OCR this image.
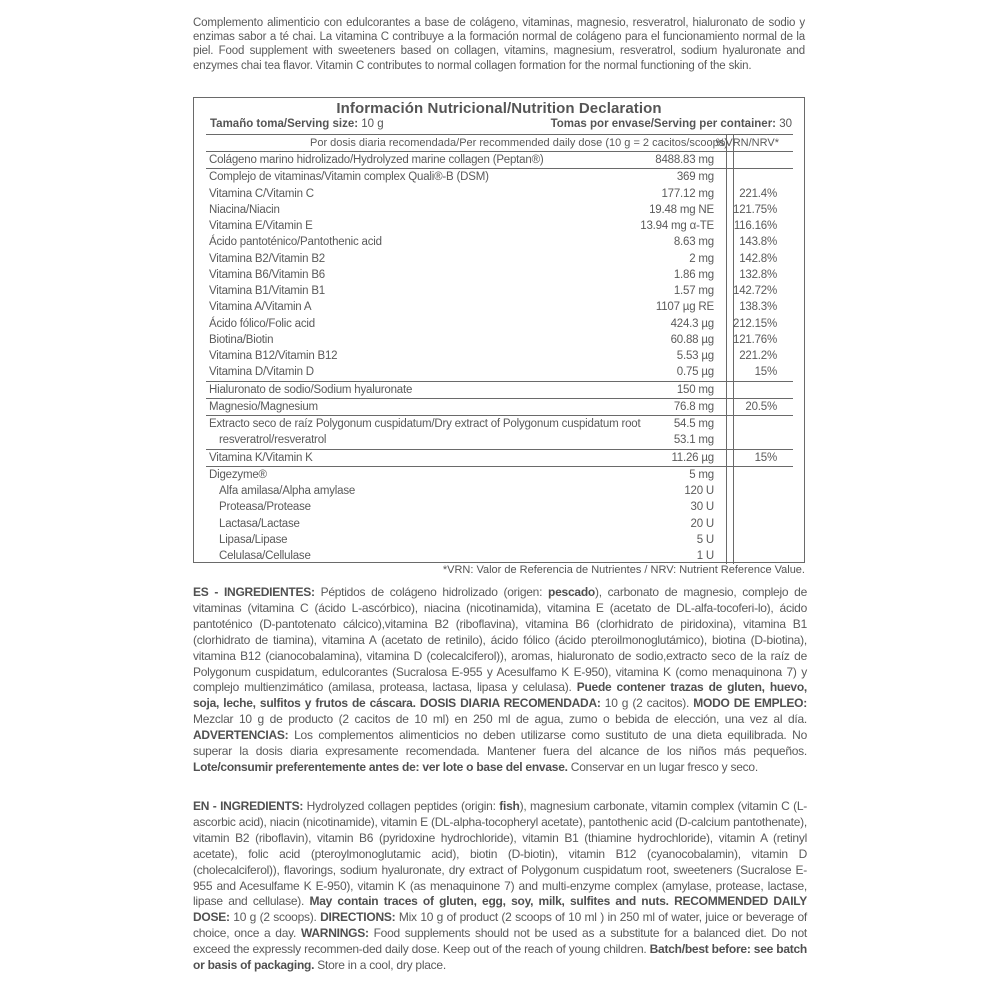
Complemento alimenticio con edulcorantes a base de colágeno, vitaminas, magnesio, resveratrol, hialuronato de sodio y enzimas sabor a té chai. La vitamina C contribuye a la formación normal de colágeno para el funcionamiento normal de la piel. Food supplement with sweeteners based on collagen, vitamins, magnesium, resveratrol, sodium hyaluronate and enzymes chai tea flavor. Vitamin C contributes to normal collagen formation for the normal functioning of the skin.
Información Nutricional/Nutrition Declaration
Tamaño toma/Serving size: 10 g	Tomas por envase/Serving per container: 30
Por dosis diaria recomendada/Per recommended daily dose (10 g = 2 cacitos/scoops)
%VRN/NRV*
Colágeno marino hidrolizado/Hydrolyzed marine collagen (Peptan®)	8488.83 mg
Complejo de vitaminas/Vitamin complex Quali®-B (DSM)	369 mg
Vitamina C/Vitamin C	177.12 mg 221.4%
Niacina/Niacin	19.48 mg NE 121.75%
Vitamina E/Vitamin E	13.94 mg α-TE 116.16%
Ácido pantoténico/Pantothenic acid	8.63 mg 143.8%
Vitamina B2/Vitamin B2	2 mg 142.8%
Vitamina B6/Vitamin B6	1.86 mg 132.8%
Vitamina B1/Vitamin B1	1.57 mg 142.72%
Vitamina A/Vitamin A	1107 µg RE 138.3%
Ácido fólico/Folic acid	424.3 µg 212.15%
Biotina/Biotin	60.88 µg 121.76%
Vitamina B12/Vitamin B12	5.53 µg 221.2%
Vitamina D/Vitamin D	0.75 µg	15%
Hialuronato de sodio/Sodium hyaluronate	150 mg
Magnesio/Magnesium	76.8 mg	20.5%
Extracto seco de raíz Polygonum cuspidatum/Dry extract of Polygonum cuspidatum root	54.5 mg
resveratrol/resveratrol	53.1 mg
Vitamina K/Vitamin K	11.26 µg	15%
Digezyme®	5 mg
Alfa amilasa/Alpha amylase	120 U
Proteasa/Protease	30 U
Lactasa/Lactase	20 U
Lipasa/Lipase	5 U
Celulasa/Cellulase	1 U
*VRN: Valor de Referencia de Nutrientes / NRV: Nutrient Reference Value.
ES - INGREDIENTES: Péptidos de colágeno hidrolizado (origen: pescado), carbonato de magnesio, complejo de vitaminas (vitamina C (ácido L-ascórbico), niacina (nicotinamida), vitamina E (acetato de DL-alfa-tocoferi-lo), ácido pantoténico (D-pantotenato cálcico),vitamina B2 (riboflavina), vitamina B6 (clorhidrato de piridoxina), vitamina B1 (clorhidrato de tiamina), vitamina A (acetato de retinilo), ácido fólico (ácido pteroilmonoglutámico), biotina (D-biotina), vitamina B12 (cianocobalamina), vitamina D (colecalciferol)), aromas, hialuronato de sodio,extracto seco de la raíz de Polygonum cuspidatum, edulcorantes (Sucralosa E-955 y Acesulfamo K E-950), vitamina K (como menaquinona 7) y complejo multienzimático (amilasa, proteasa, lactasa, lipasa y celulasa). Puede contener trazas de gluten, huevo, soja, leche, sulfitos y frutos de cáscara. DOSIS DIARIA RECOMENDADA: 10 g (2 cacitos). MODO DE EMPLEO: Mezclar 10 g de producto (2 cacitos de 10 ml) en 250 ml de agua, zumo o bebida de elección, una vez al día. ADVERTENCIAS: Los complementos alimenticios no deben utilizarse como sustituto de una dieta equilibrada. No superar la dosis diaria expresamente recomendada. Mantener fuera del alcance de los niños más pequeños. Lote/consumir preferentemente antes de: ver lote o base del envase. Conservar en un lugar fresco y seco.
EN - INGREDIENTS: Hydrolyzed collagen peptides (origin: fish), magnesium carbonate, vitamin complex (vitamin C (L-ascorbic acid), niacin (nicotinamide), vitamin E (DL-alpha-tocopheryl acetate), pantothenic acid (D-calcium pantothenate), vitamin B2 (riboflavin), vitamin B6 (pyridoxine hydrochloride), vitamin B1 (thiamine hydrochloride), vitamin A (retinyl acetate), folic acid (pteroylmonoglutamic acid), biotin (D-biotin), vitamin B12 (cyanocobalamin), vitamin D (cholecalciferol)), flavorings, sodium hyaluronate, dry extract of Polygonum cuspidatum root, sweeteners (Sucralose E-955 and Acesulfame K E-950), vitamin K (as menaquinone 7) and multi-enzyme complex (amylase, protease, lactase, lipase and cellulase). May contain traces of gluten, egg, soy, milk, sulfites and nuts. RECOMMENDED DAILY DOSE: 10 g (2 scoops). DIRECTIONS: Mix 10 g of product (2 scoops of 10 ml ) in 250 ml of water, juice or beverage of choice, once a day. WARNINGS: Food supplements should not be used as a substitute for a balanced diet. Do not exceed the expressly recommen-ded daily dose. Keep out of the reach of young children. Batch/best before: see batch or basis of packaging. Store in a cool, dry place.
